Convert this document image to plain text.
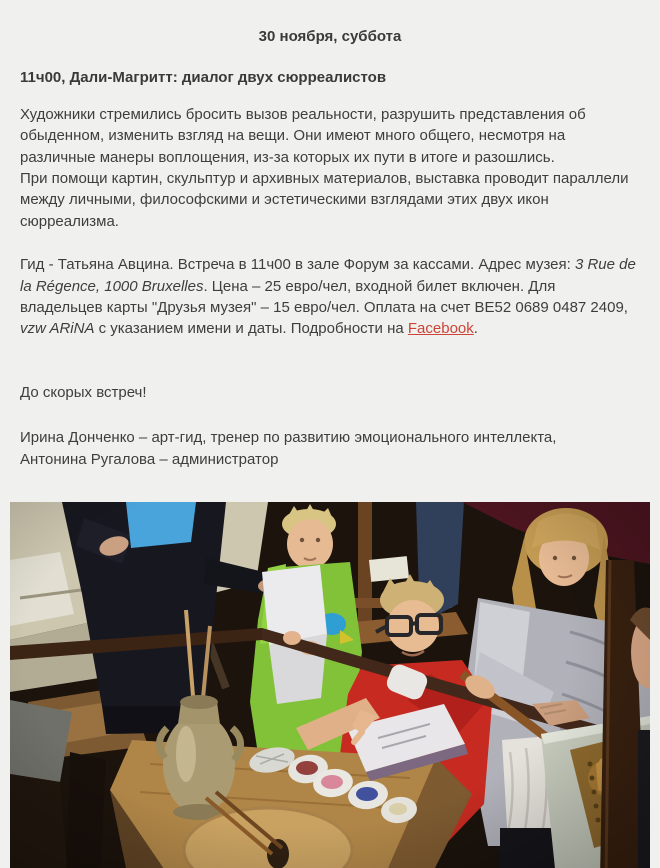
30 ноября, суббота
11ч00, Дали-Магритт: диалог двух сюрреалистов

Художники стремились бросить вызов реальности, разрушить представления об обыденном, изменить взгляд на вещи. Они имеют много общего, несмотря на различные манеры воплощения, из-за которых их пути в итоге и разошлись.
При помощи картин, скульптур и архивных материалов, выставка проводит параллели между личными, философскими и эстетическими взглядами этих двух икон сюрреализма.

Гид - Татьяна Авцина. Встреча в 11ч00 в зале Форум за кассами. Адрес музея: 3 Rue de la Régence, 1000 Bruxelles. Цена – 25 евро/чел, входной билет включен. Для владельцев карты "Друзья музея" – 15 евро/чел. Оплата на счет BE52 0689 0487 2409, vzw ARiNA с указанием имени и даты. Подробности на Facebook.

До скорых встреч!

Ирина Донченко – арт-гид, тренер по развитию эмоционального интеллекта,
Антонина Ругалова – администратор
